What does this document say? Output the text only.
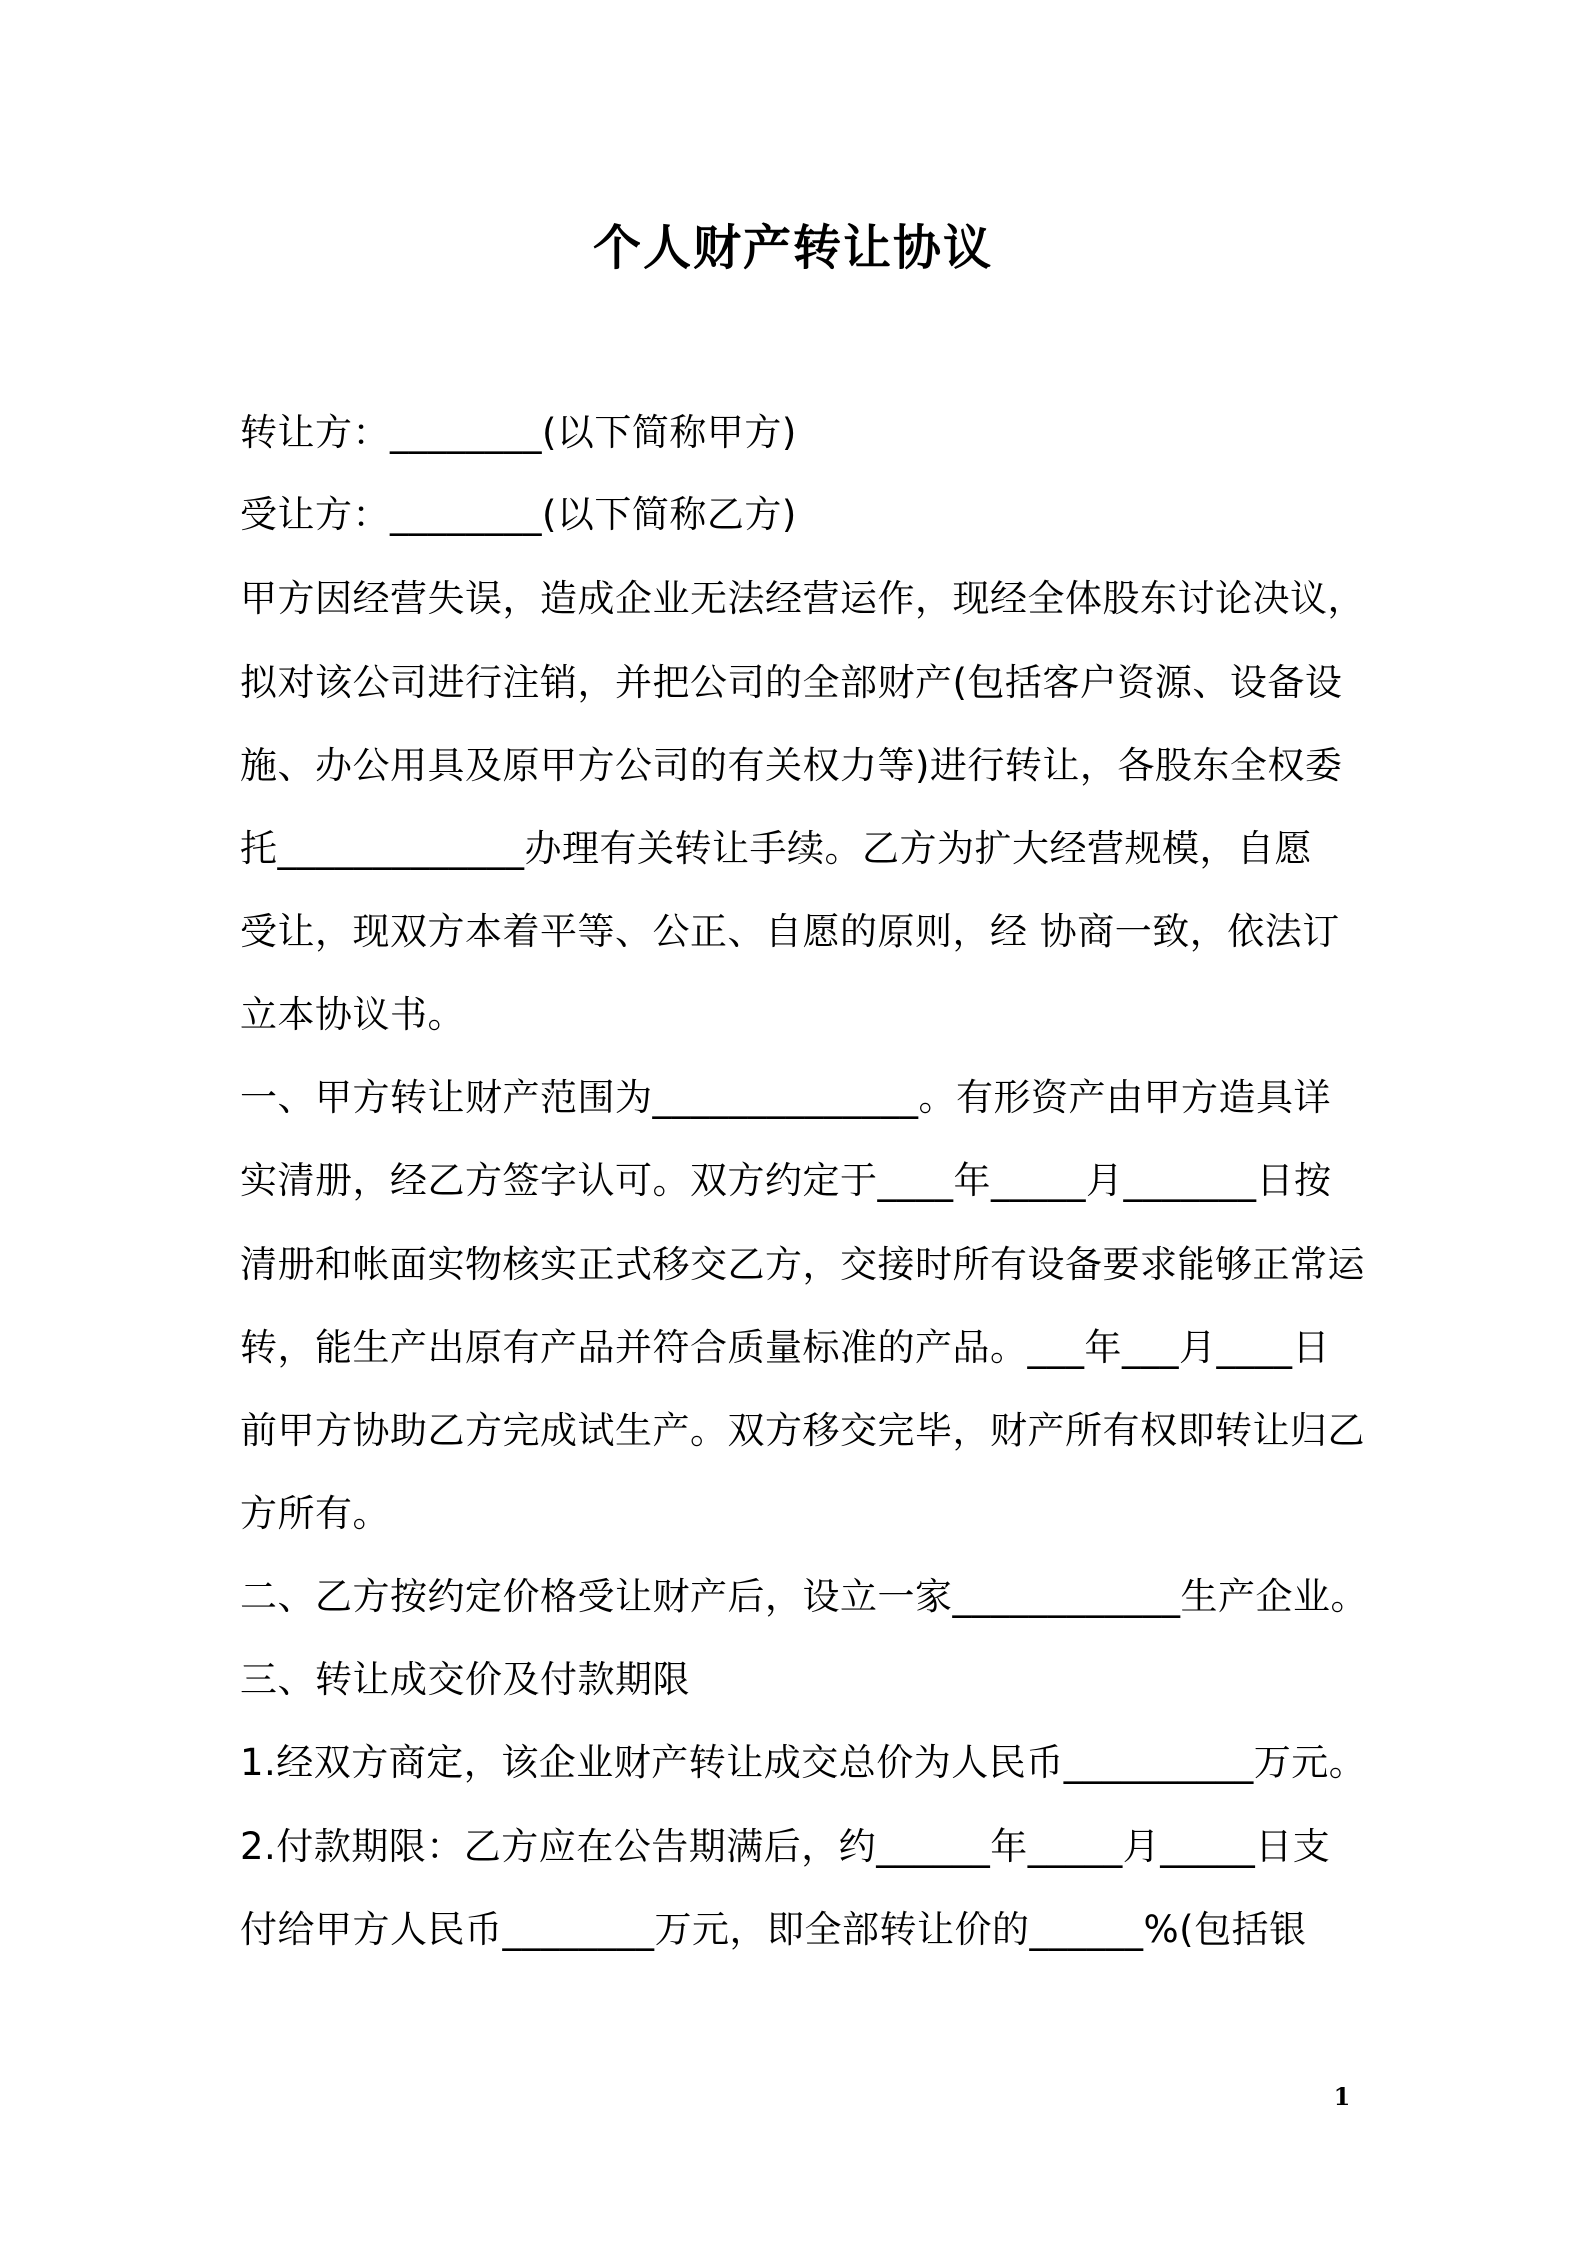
个人财产转让协议
转让方：________(以下简称甲方)
受让方：________(以下简称乙方)
甲方因经营失误，造成企业无法经营运作，现经全体股东讨论决议，
拟对该公司进行注销，并把公司的全部财产(包括客户资源、设备设
施、办公用具及原甲方公司的有关权力等)进行转让，各股东全权委
托_____________办理有关转让手续。乙方为扩大经营规模，自愿
受让，现双方本着平等、公正、自愿的原则，经 协商一致，依法订
立本协议书。
一、甲方转让财产范围为______________。有形资产由甲方造具详
实清册，经乙方签字认可。双方约定于____年_____月_______日按
清册和帐面实物核实正式移交乙方，交接时所有设备要求能够正常运
转，能生产出原有产品并符合质量标准的产品。___年___月____日
前甲方协助乙方完成试生产。双方移交完毕，财产所有权即转让归乙
方所有。
二、乙方按约定价格受让财产后，设立一家____________生产企业。
三、转让成交价及付款期限
1.经双方商定，该企业财产转让成交总价为人民币__________万元。
2.付款期限：乙方应在公告期满后，约______年_____月_____日支
付给甲方人民币________万元，即全部转让价的______%(包括银
1
